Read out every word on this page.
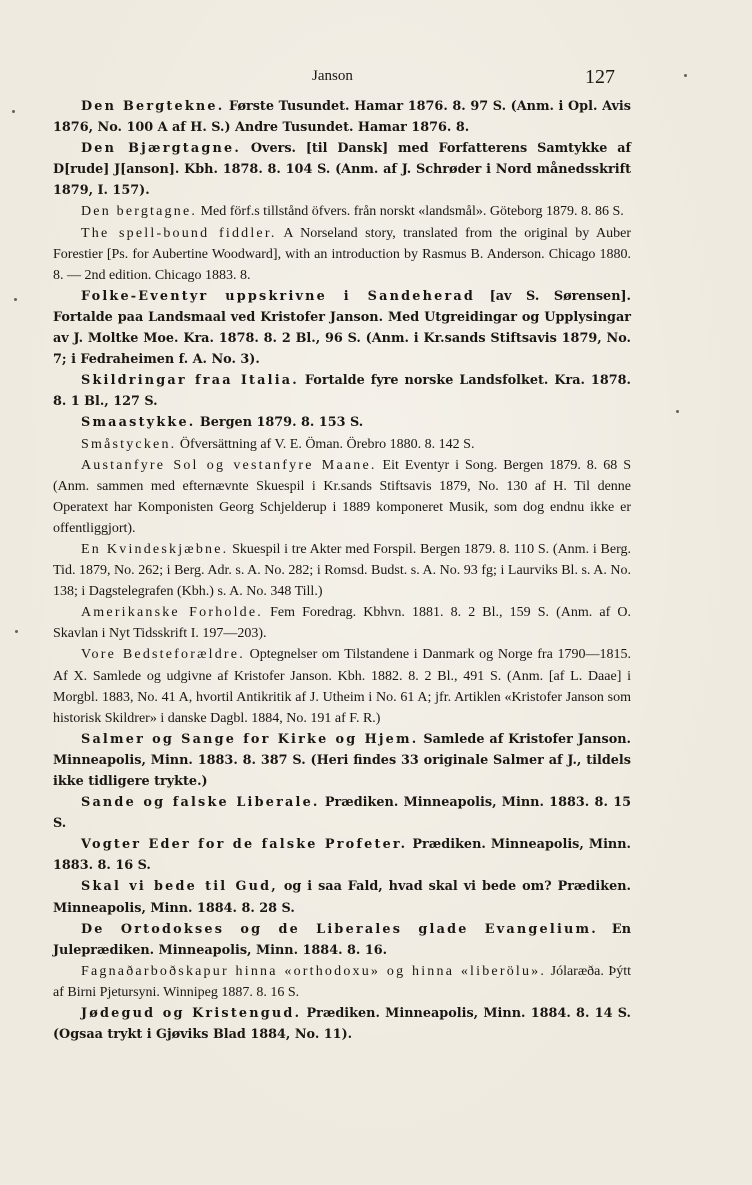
Janson	127

Den Bergtekne. Første Tusundet. Hamar 1876. 8. 97 S. (Anm. i Opl. Avis 1876, No. 100 A af H. S.) Andre Tusundet. Hamar 1876. 8.

Den Bjærgtagne. Overs. [til Dansk] med Forfatterens Samtykke af D[rude] J[anson]. Kbh. 1878. 8. 104 S. (Anm. af J. Schrøder i Nord månedsskrift 1879, I. 157).

Den bergtagne. Med förf.s tillstånd öfvers. från norskt «landsmål». Göteborg 1879. 8. 86 S.

The spell-bound fiddler. A Norseland story, translated from the original by Auber Forestier [Ps. for Aubertine Woodward], with an introduction by Rasmus B. Anderson. Chicago 1880. 8. — 2nd edition. Chicago 1883. 8.

Folke-Eventyr uppskrivne i Sandeherad [av S. Sørensen]. Fortalde paa Landsmaal ved Kristofer Janson. Med Utgreidingar og Upplysingar av J. Moltke Moe. Kra. 1878. 8. 2 Bl., 96 S. (Anm. i Kr.sands Stiftsavis 1879, No. 7; i Fedraheimen f. A. No. 3).

Skildringar fraa Italia. Fortalde fyre norske Landsfolket. Kra. 1878. 8. 1 Bl., 127 S.

Smaastykke. Bergen 1879. 8. 153 S.

Småstycken. Öfversättning af V. E. Öman. Örebro 1880. 8. 142 S.

Austanfyre Sol og vestanfyre Maane. Eit Eventyr i Song. Bergen 1879. 8. 68 S (Anm. sammen med efternævnte Skuespil i Kr.sands Stiftsavis 1879, No. 130 af H. Til denne Operatext har Komponisten Georg Schjelderup i 1889 komponeret Musik, som dog endnu ikke er offentliggjort).

En Kvindeskjæbne. Skuespil i tre Akter med Forspil. Bergen 1879. 8. 110 S. (Anm. i Berg. Tid. 1879, No. 262; i Berg. Adr. s. A. No. 282; i Romsd. Budst. s. A. No. 93 fg; i Laurviks Bl. s. A. No. 138; i Dagstelegrafen (Kbh.) s. A. No. 348 Till.)

Amerikanske Forholde. Fem Foredrag. Kbhvn. 1881. 8. 2 Bl., 159 S. (Anm. af O. Skavlan i Nyt Tidsskrift I. 197—203).

Vore Bedsteforældre. Optegnelser om Tilstandene i Danmark og Norge fra 1790—1815. Af X. Samlede og udgivne af Kristofer Janson. Kbh. 1882. 8. 2 Bl., 491 S. (Anm. [af L. Daae] i Morgbl. 1883, No. 41 A, hvortil Antikritik af J. Utheim i No. 61 A; jfr. Artiklen «Kristofer Janson som historisk Skildrer» i danske Dagbl. 1884, No. 191 af F. R.)

Salmer og Sange for Kirke og Hjem. Samlede af Kristofer Janson. Minneapolis, Minn. 1883. 8. 387 S. (Heri findes 33 originale Salmer af J., tildels ikke tidligere trykte.)

Sande og falske Liberale. Prædiken. Minneapolis, Minn. 1883. 8. 15 S.

Vogter Eder for de falske Profeter. Prædiken. Minneapolis, Minn. 1883. 8. 16 S.

Skal vi bede til Gud, og i saa Fald, hvad skal vi bede om? Prædiken. Minneapolis, Minn. 1884. 8. 28 S.

De Ortodokses og de Liberales glade Evangelium. En Juleprædiken. Minneapolis, Minn. 1884. 8. 16.

Fagnaðarboðskapur hinna «orthodoxu» og hinna «liberölu». Jólaræða. Þýtt af Birni Pjetursyni. Winnipeg 1887. 8. 16 S.

Jødegud og Kristengud. Prædiken. Minneapolis, Minn. 1884. 8. 14 S. (Ogsaa trykt i Gjøviks Blad 1884, No. 11).
